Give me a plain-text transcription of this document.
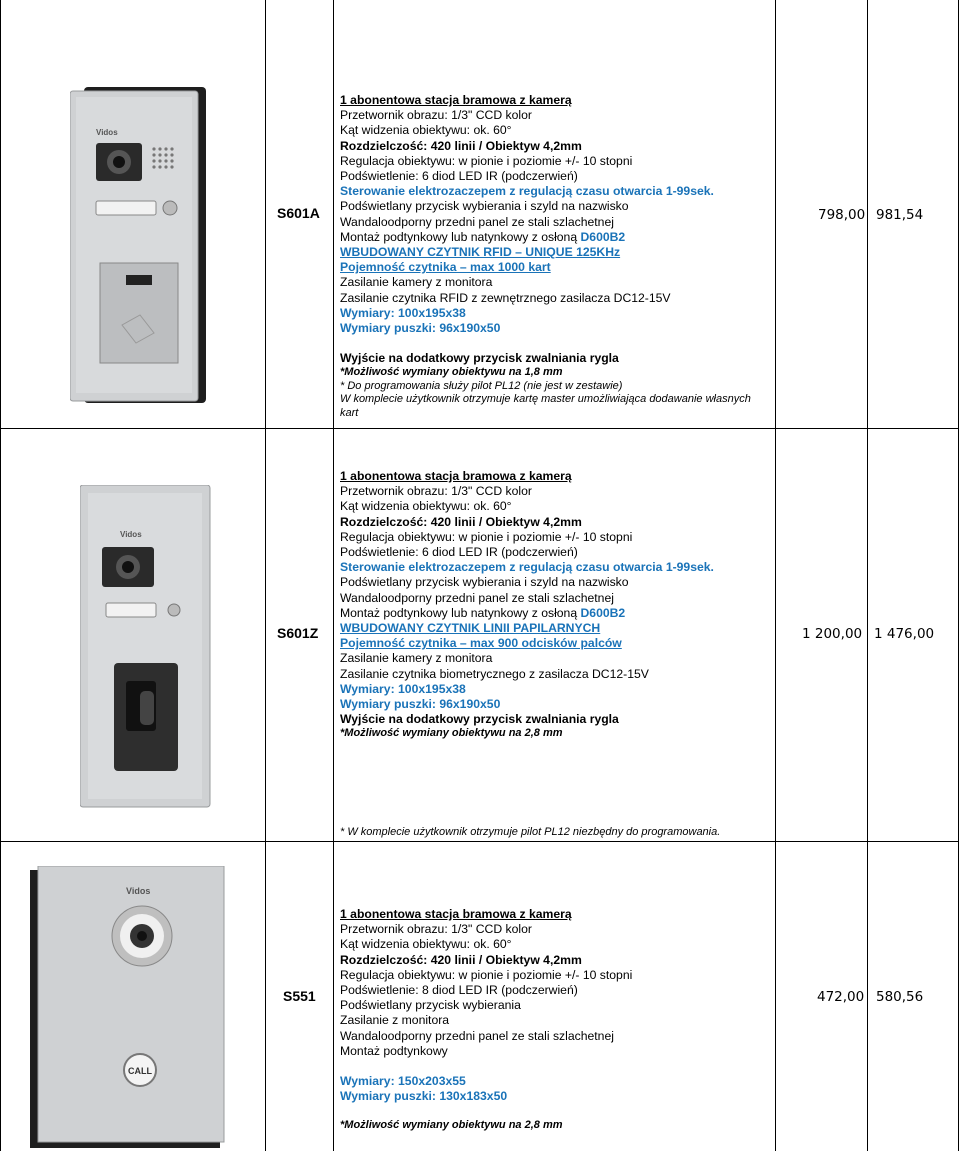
Vidos
S601A
1 abonentowa stacja bramowa z kamerą
Przetwornik obrazu: 1/3" CCD kolor
Kąt widzenia obiektywu: ok. 60°
Rozdzielczość: 420 linii / Obiektyw 4,2mm
Regulacja obiektywu: w pionie i poziomie +/- 10 stopni
Podświetlenie: 6 diod LED IR (podczerwień)
Sterowanie elektrozaczepem z regulacją czasu otwarcia 1-99sek.
Podświetlany przycisk wybierania i szyld na nazwisko
Wandaloodporny przedni panel ze stali szlachetnej
Montaż podtynkowy lub natynkowy z osłoną D600B2
WBUDOWANY CZYTNIK RFID – UNIQUE 125KHz
Pojemność czytnika – max 1000 kart
Zasilanie kamery z monitora
Zasilanie czytnika RFID z zewnętrznego zasilacza DC12-15V
Wymiary: 100x195x38
Wymiary puszki: 96x190x50
Wyjście na dodatkowy przycisk zwalniania rygla
*Możliwość wymiany obiektywu na 1,8 mm
* Do programowania służy pilot PL12 (nie jest w zestawie)
W komplecie użytkownik otrzymuje kartę master umożliwiająca dodawanie własnych kart
798,00 981,54
Vidos
S601Z
1 abonentowa stacja bramowa z kamerą
Przetwornik obrazu: 1/3" CCD kolor
Kąt widzenia obiektywu: ok. 60°
Rozdzielczość: 420 linii / Obiektyw 4,2mm
Regulacja obiektywu: w pionie i poziomie +/- 10 stopni
Podświetlenie: 6 diod LED IR (podczerwień)
Sterowanie elektrozaczepem z regulacją czasu otwarcia 1-99sek.
Podświetlany przycisk wybierania i szyld na nazwisko
Wandaloodporny przedni panel ze stali szlachetnej
Montaż podtynkowy lub natynkowy z osłoną D600B2
WBUDOWANY CZYTNIK LINII PAPILARNYCH
Pojemność czytnika – max 900 odcisków palców
Zasilanie kamery z monitora
Zasilanie czytnika biometrycznego z zasilacza DC12-15V
Wymiary: 100x195x38
Wymiary puszki: 96x190x50
Wyjście na dodatkowy przycisk zwalniania rygla
*Możliwość wymiany obiektywu na 2,8 mm
1 200,00 1 476,00
* W komplecie użytkownik otrzymuje pilot PL12 niezbędny do programowania.
Vidos
CALL
S551
1 abonentowa stacja bramowa z kamerą
Przetwornik obrazu: 1/3" CCD kolor
Kąt widzenia obiektywu: ok. 60°
Rozdzielczość: 420 linii / Obiektyw 4,2mm
Regulacja obiektywu: w pionie i poziomie +/- 10 stopni
Podświetlenie: 8 diod LED IR (podczerwień)
Podświetlany przycisk wybierania
Zasilanie z monitora
Wandaloodporny przedni panel ze stali szlachetnej
Montaż podtynkowy
Wymiary: 150x203x55
Wymiary puszki: 130x183x50
*Możliwość wymiany obiektywu na 2,8 mm
472,00 580,56
